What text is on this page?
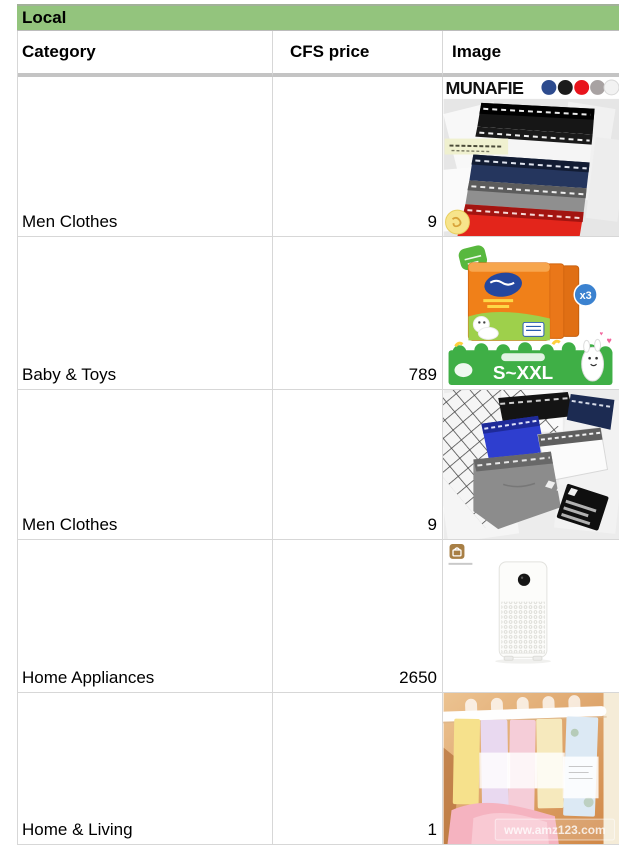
Local
Category	CFS price	Image
Men Clothes	9
MUNAFIE
Baby & Toys	789
x3
S~XXL
♥
♥
Men Clothes	9
Home Appliances	2650
Home & Living	1	www.amz123.com
